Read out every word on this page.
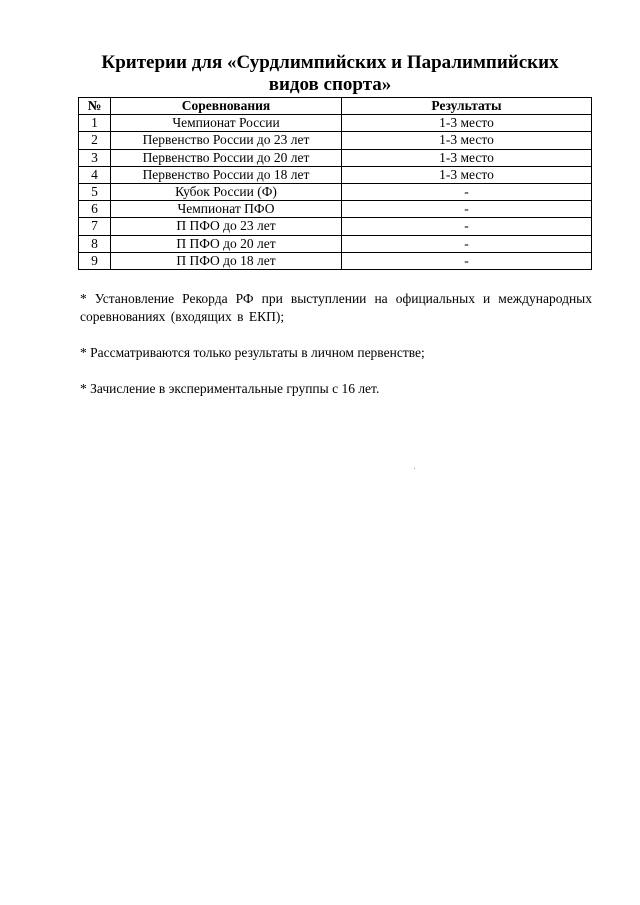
Критерии для «Сурдлимпийских и Паралимпийских
видов спорта»
№	Соревнования	Результаты
1	Чемпионат России	1-3 место
2	Первенство России до 23 лет	1-3 место
3	Первенство России до 20 лет	1-3 место
4	Первенство России до 18 лет	1-3 место
5	Кубок России (Ф)	-
6	Чемпионат ПФО	-
7	П ПФО до 23 лет	-
8	П ПФО до 20 лет	-
9	П ПФО до 18 лет	-

* Установление Рекорда РФ при выступлении на официальных и международных соревнованиях (входящих в ЕКП);

* Рассматриваются только результаты в личном первенстве;

* Зачисление в экспериментальные группы с 16 лет.
